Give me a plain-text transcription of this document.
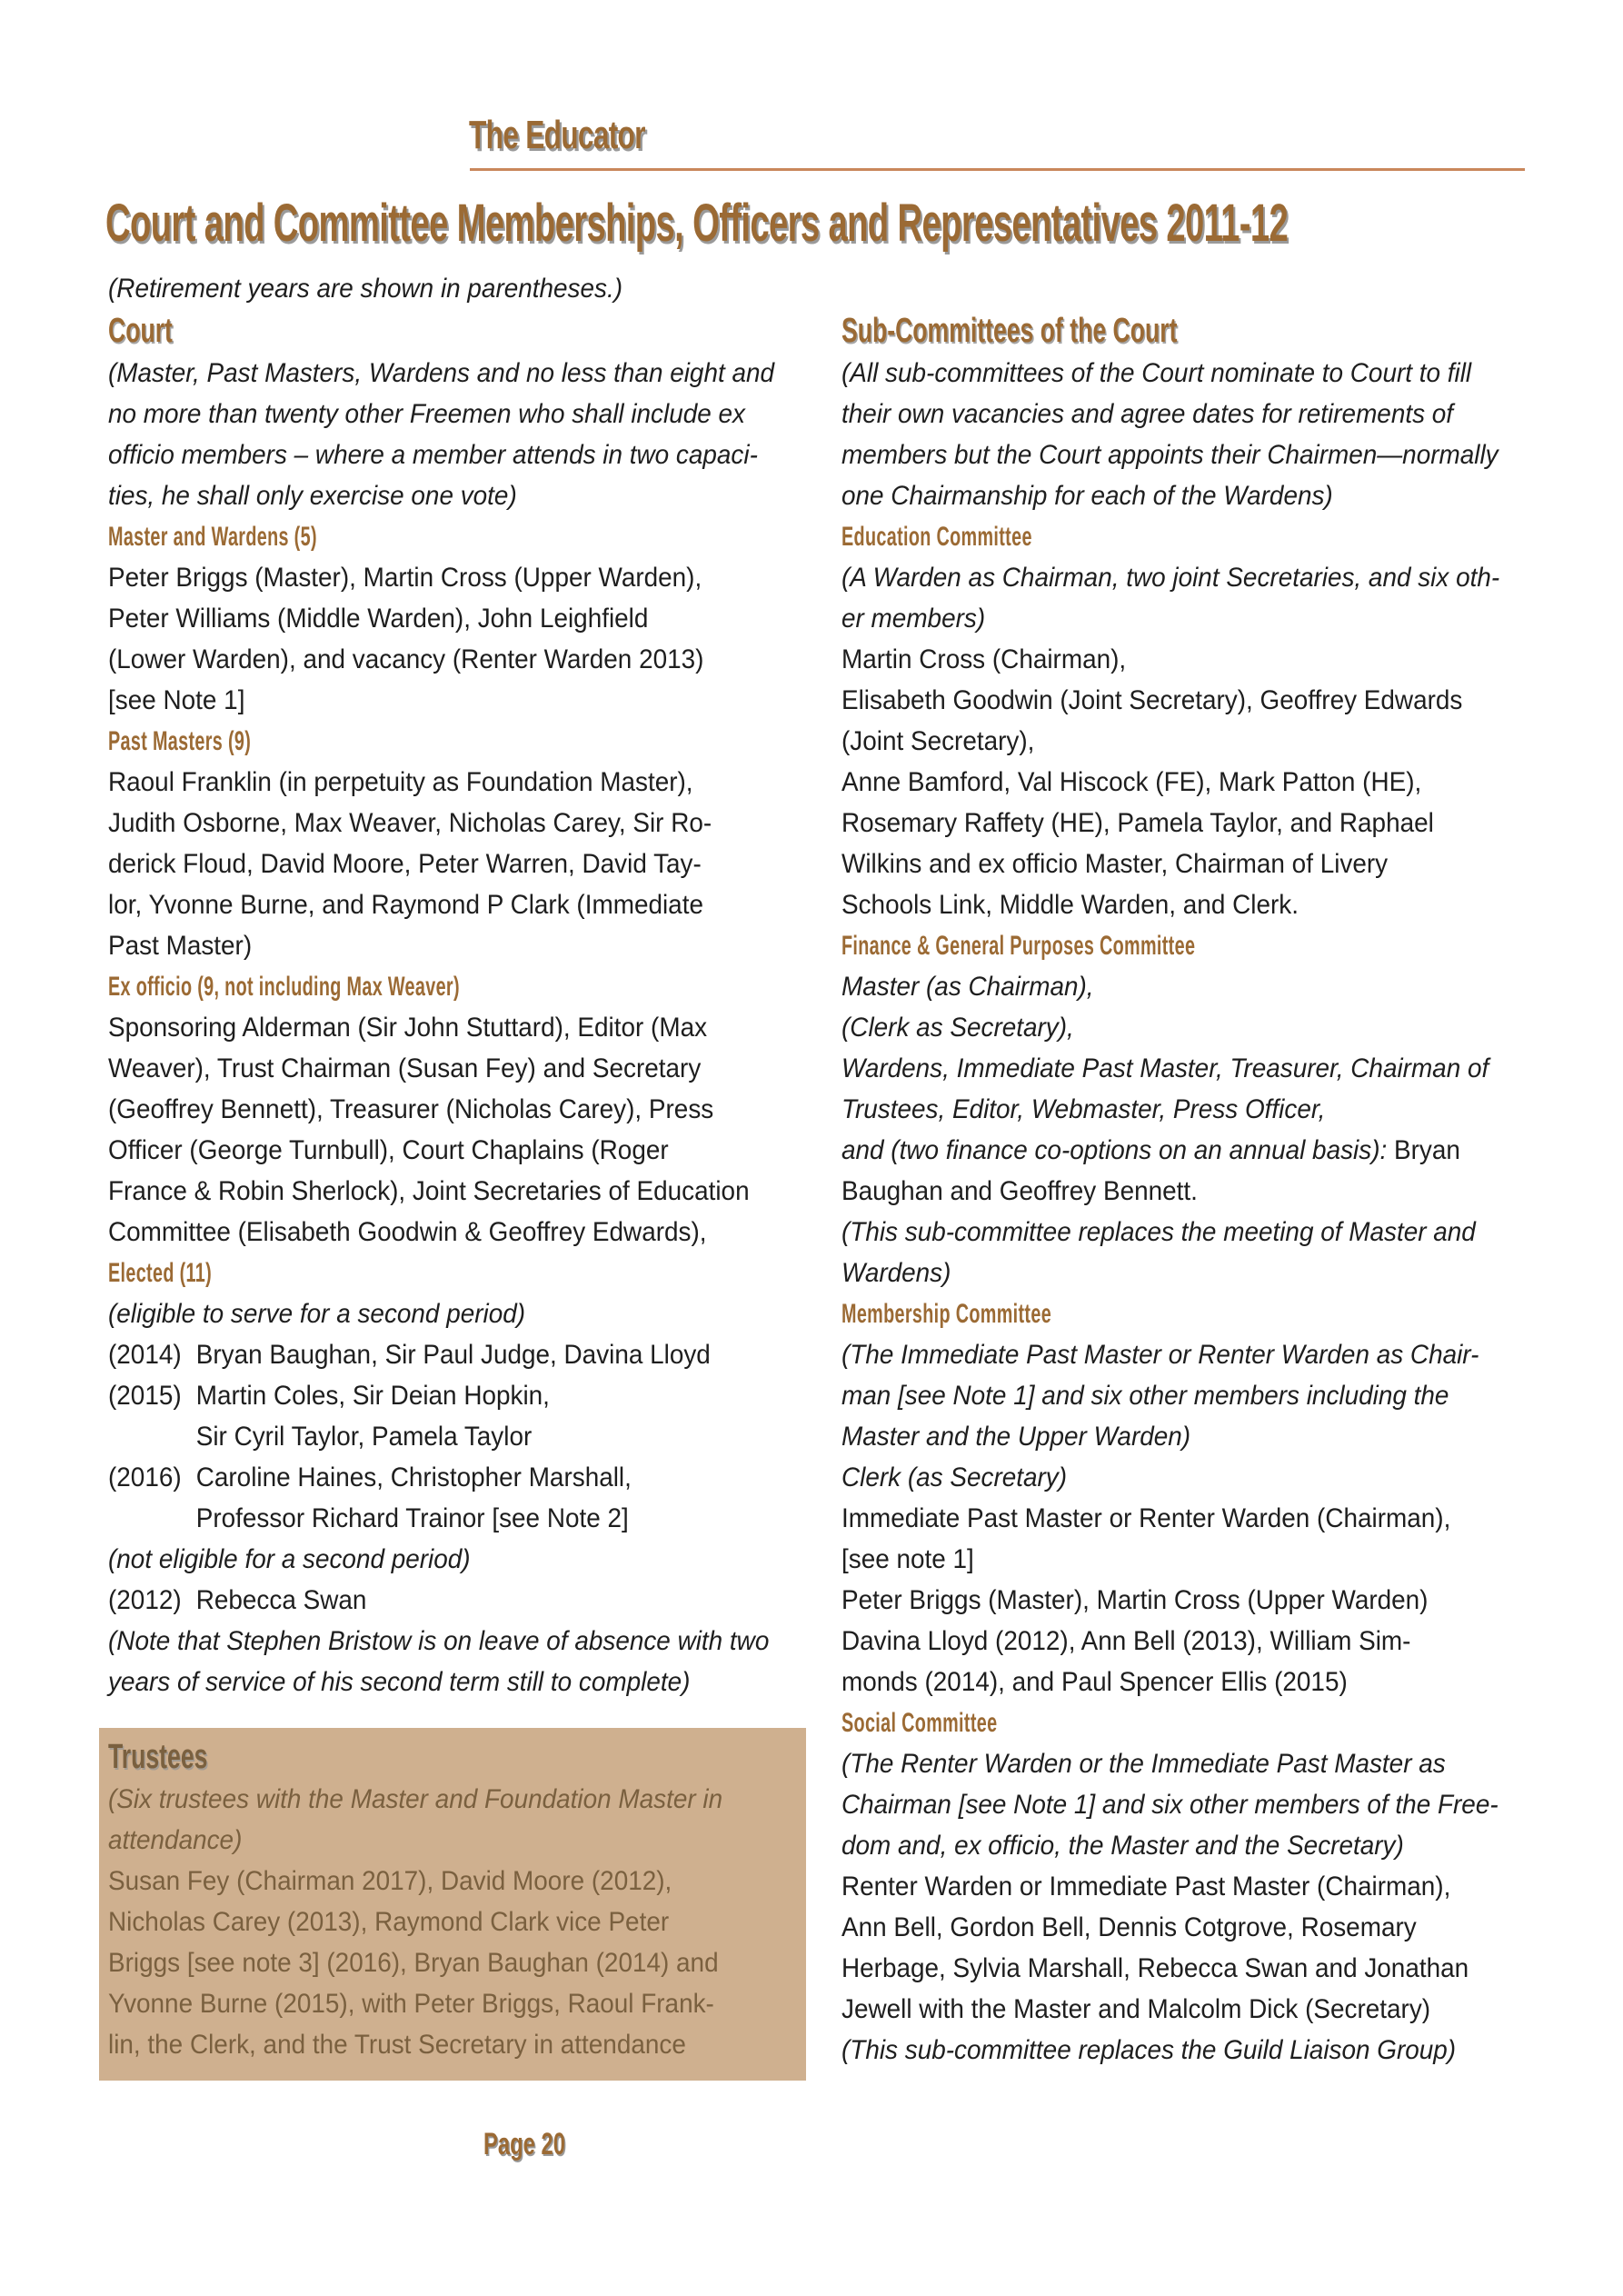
The Educator
Court and Committee Memberships, Officers and Representatives 2011-12
(Retirement years are shown in parentheses.)
Court
(Master, Past Masters, Wardens and no less than eight and
no more than twenty other Freemen who shall include ex
officio members – where a member attends in two capaci-
ties, he shall only exercise one vote)
Master and Wardens (5)
Peter Briggs (Master), Martin Cross (Upper Warden),
Peter Williams (Middle Warden), John Leighfield
(Lower Warden), and vacancy (Renter Warden 2013)
[see Note 1]
Past Masters (9)
Raoul Franklin (in perpetuity as Foundation Master),
Judith Osborne, Max Weaver, Nicholas Carey, Sir Ro-
derick Floud, David Moore, Peter Warren, David Tay-
lor, Yvonne Burne, and Raymond P Clark (Immediate
Past Master)
Ex officio (9, not including Max Weaver)
Sponsoring Alderman (Sir John Stuttard), Editor (Max
Weaver), Trust Chairman (Susan Fey) and Secretary
(Geoffrey Bennett), Treasurer (Nicholas Carey), Press
Officer (George Turnbull), Court Chaplains (Roger
France & Robin Sherlock), Joint Secretaries of Education
Committee (Elisabeth Goodwin & Geoffrey Edwards),
Elected (11)
(eligible to serve for a second period)
(2014) Bryan Baughan, Sir Paul Judge, Davina Lloyd
(2015) Martin Coles, Sir Deian Hopkin,
Sir Cyril Taylor, Pamela Taylor
(2016) Caroline Haines, Christopher Marshall,
Professor Richard Trainor [see Note 2]
(not eligible for a second period)
(2012) Rebecca Swan
(Note that Stephen Bristow is on leave of absence with two
years of service of his second term still to complete)
Trustees
(Six trustees with the Master and Foundation Master in
attendance)
Susan Fey (Chairman 2017), David Moore (2012),
Nicholas Carey (2013), Raymond Clark vice Peter
Briggs [see note 3] (2016), Bryan Baughan (2014) and
Yvonne Burne (2015), with Peter Briggs, Raoul Frank-
lin, the Clerk, and the Trust Secretary in attendance
Sub-Committees of the Court
(All sub-committees of the Court nominate to Court to fill
their own vacancies and agree dates for retirements of
members but the Court appoints their Chairmen—normally
one Chairmanship for each of the Wardens)
Education Committee
(A Warden as Chairman, two joint Secretaries, and six oth-
er members)
Martin Cross (Chairman),
Elisabeth Goodwin (Joint Secretary), Geoffrey Edwards
(Joint Secretary),
Anne Bamford, Val Hiscock (FE), Mark Patton (HE),
Rosemary Raffety (HE), Pamela Taylor, and Raphael
Wilkins and ex officio Master, Chairman of Livery
Schools Link, Middle Warden, and Clerk.
Finance & General Purposes Committee
Master (as Chairman),
(Clerk as Secretary),
Wardens, Immediate Past Master, Treasurer, Chairman of
Trustees, Editor, Webmaster, Press Officer,
and (two finance co-options on an annual basis): Bryan
Baughan and Geoffrey Bennett.
(This sub-committee replaces the meeting of Master and
Wardens)
Membership Committee
(The Immediate Past Master or Renter Warden as Chair-
man [see Note 1] and six other members including the
Master and the Upper Warden)
Clerk (as Secretary)
Immediate Past Master or Renter Warden (Chairman),
[see note 1]
Peter Briggs (Master), Martin Cross (Upper Warden)
Davina Lloyd (2012), Ann Bell (2013), William Sim-
monds (2014), and Paul Spencer Ellis (2015)
Social Committee
(The Renter Warden or the Immediate Past Master as
Chairman [see Note 1] and six other members of the Free-
dom and, ex officio, the Master and the Secretary)
Renter Warden or Immediate Past Master (Chairman),
Ann Bell, Gordon Bell, Dennis Cotgrove, Rosemary
Herbage, Sylvia Marshall, Rebecca Swan and Jonathan
Jewell with the Master and Malcolm Dick (Secretary)
(This sub-committee replaces the Guild Liaison Group)
Page 20
